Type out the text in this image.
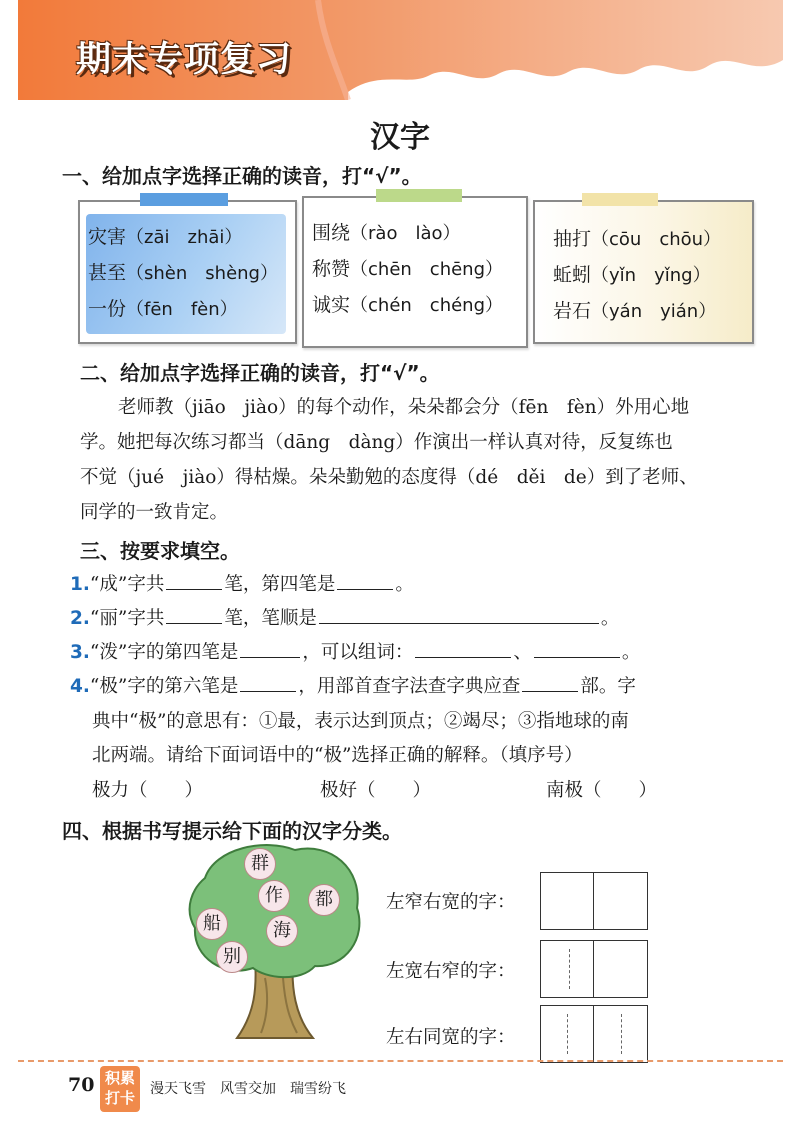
期末专项复习
汉字
一、给加点字选择正确的读音，打“√”。
灾害（zāi　zhāi）
甚至（shèn　shèng）
一份（fēn　fèn）
围绕（rào　lào）
称赞（chēn　chēng）
诚实（chén　chéng）
抽打（cōu　chōu）
蚯蚓（yǐn　yǐng）
岩石（yán　yián）
二、给加点字选择正确的读音，打“√”。
老师教（jiāo　jiào）的每个动作，朵朵都会分（fēn　fèn）外用心地
学。她把每次练习都当（dāng　dàng）作演出一样认真对待，反复练也
不觉（jué　jiào）得枯燥。朵朵勤勉的态度得（dé　děi　de）到了老师、
同学的一致肯定。
三、按要求填空。
1.“成”字共	笔，第四笔是	。
2.“丽”字共	笔，笔顺是	。
3.“泼”字的第四笔是	，可以组词：	、	。
4.“极”字的第六笔是	，用部首查字法查字典应查	部。字
典中“极”的意思有：①最，表示达到顶点；②竭尽；③指地球的南
北两端。请给下面词语中的“极”选择正确的解释。（填序号）
极力（　　）	极好（　　）	南极（　　）
四、根据书写提示给下面的汉字分类。
群
作	都
船	海
别
左窄右宽的字：
左宽右窄的字：
左右同宽的字：
70 积累
打卡	漫天飞雪　风雪交加　瑞雪纷飞
